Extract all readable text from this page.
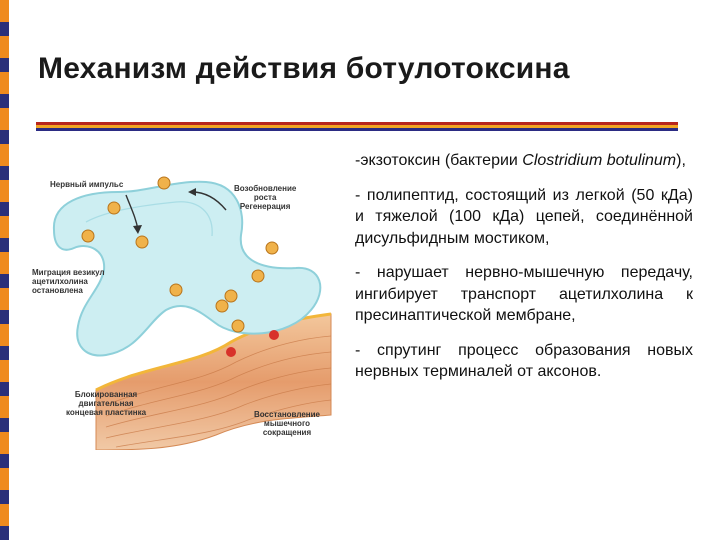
Механизм действия ботулотоксина
Нервный импульс	Возобновление
роста
Регенерация
Миграция везикул
ацетилхолина
остановлена
Блокированная
двигательная
концевая пластинка	Восстановление
мышечного
сокращения

-экзотоксин (бактерии Clostridium botulinum),

- полипептид, состоящий из легкой (50 кДа) и тяжелой (100 кДа) цепей, соединённой дисульфидным мостиком,

- нарушает нервно-мышечную передачу, ингибирует транспорт ацетилхолина к пресинаптической мембране,

- спрутинг процесс образования новых нервных терминалей от аксонов.
